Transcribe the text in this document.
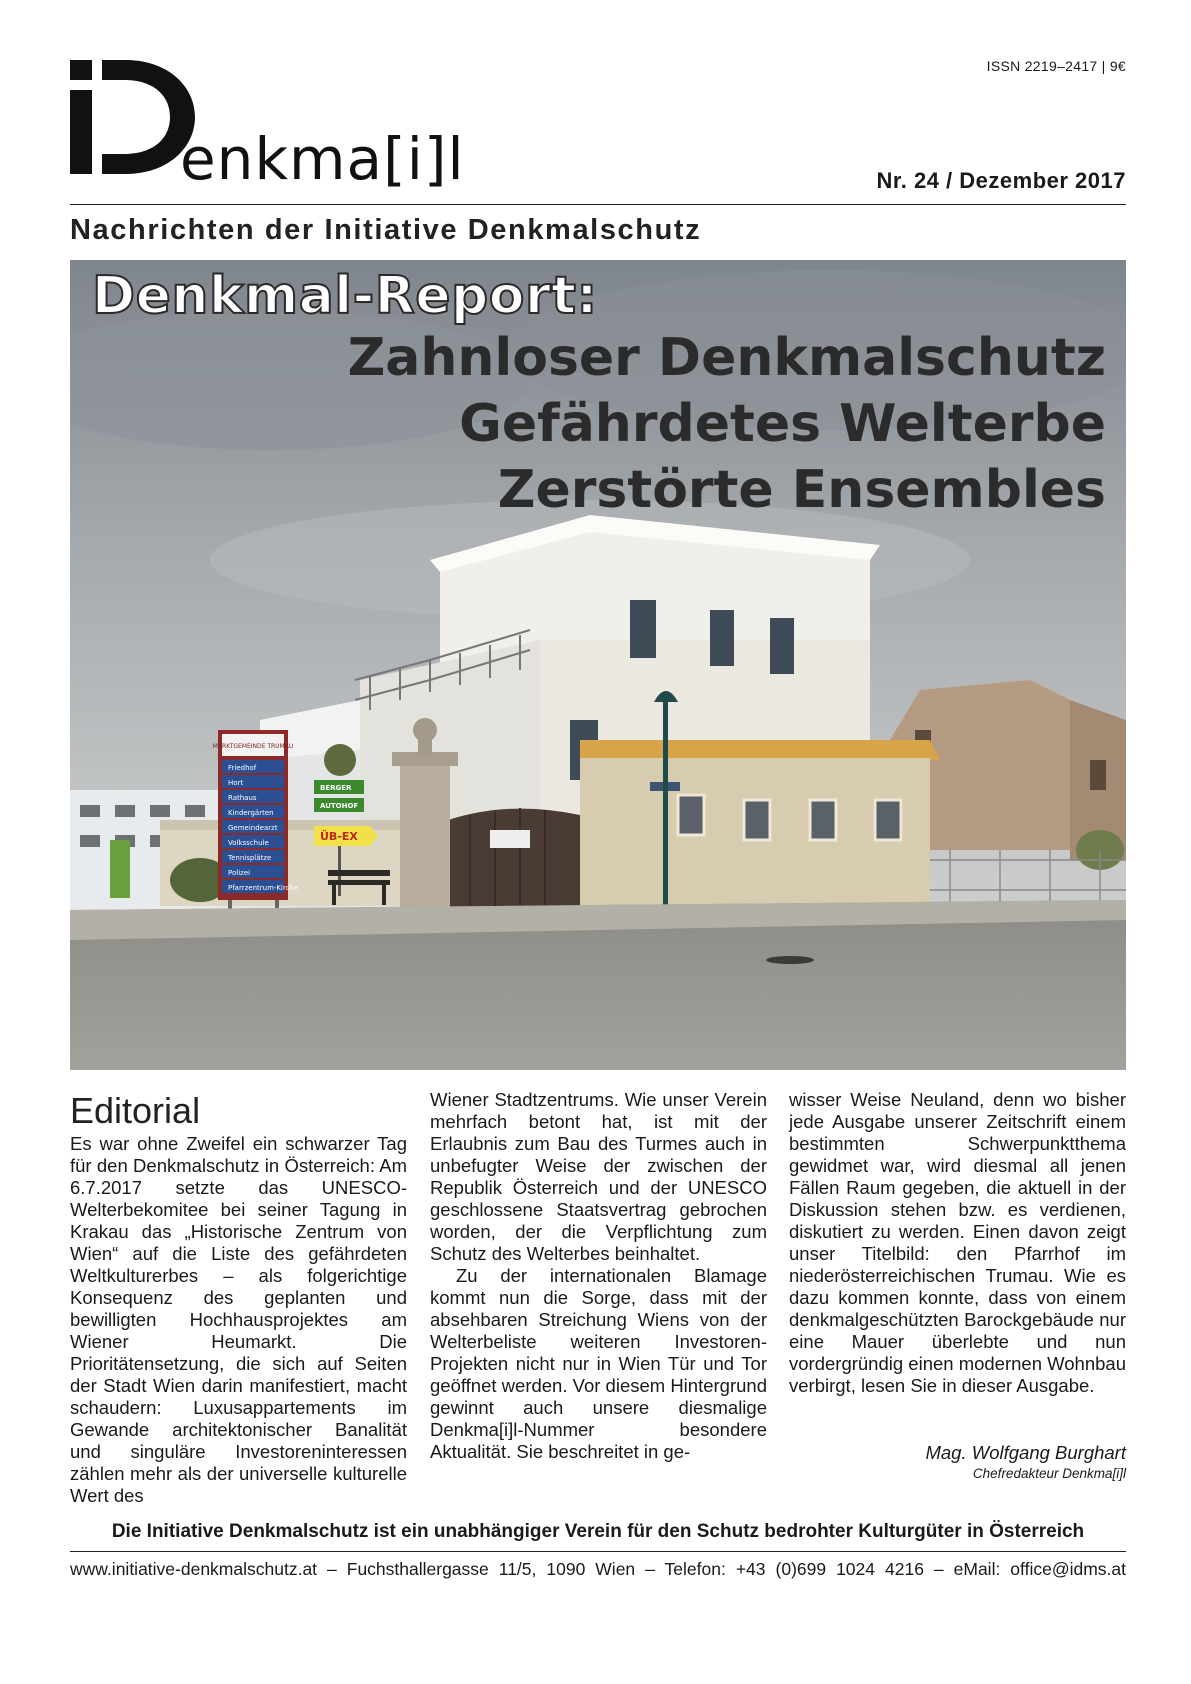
ISSN 2219–2417 | 9€
enkma[i]l	Nr. 24 / Dezember 2017
Nachrichten der Initiative Denkmalschutz
MARKTGEMEINDE TRUMAU
Friedhof
Hort
Rathaus
Kindergärten
Gemeindearzt
Volksschule
Tennisplätze
Polizei
Pfarrzentrum-Kirche
BERGER
AUTOHOF
ÜB-EX
Denkmal-Report:
Zahnloser Denkmalschutz
Gefährdetes Welterbe
Zerstörte Ensembles
Editorial

Es war ohne Zweifel ein schwarzer Tag für den Denkmalschutz in Österreich: Am 6.7.2017 setzte das UNESCO-Welterbekomitee bei seiner Tagung in Krakau das „Historische Zentrum von Wien“ auf die Liste des gefährdeten Weltkulturerbes – als folgerichtige Konsequenz des geplanten und bewilligten Hochhausprojektes am Wiener Heumarkt. Die Prioritätensetzung, die sich auf Seiten der Stadt Wien darin manifestiert, macht schaudern: Luxusappartements im Gewande architektonischer Banalität und singuläre Investoreninteressen zählen mehr als der universelle kulturelle Wert des

Wiener Stadtzentrums. Wie unser Verein mehrfach betont hat, ist mit der Erlaubnis zum Bau des Turmes auch in unbefugter Weise der zwischen der Republik Österreich und der UNESCO geschlossene Staatsvertrag gebrochen worden, der die Verpflichtung zum Schutz des Welterbes beinhaltet.

Zu der internationalen Blamage kommt nun die Sorge, dass mit der absehbaren Streichung Wiens von der Welterbeliste weiteren Investoren-Projekten nicht nur in Wien Tür und Tor geöffnet werden. Vor diesem Hintergrund gewinnt auch unsere diesmalige Denkma[i]l-Nummer besondere Aktualität. Sie beschreitet in ge-

wisser Weise Neuland, denn wo bisher jede Ausgabe unserer Zeitschrift einem bestimmten Schwerpunktthema gewidmet war, wird diesmal all jenen Fällen Raum gegeben, die aktuell in der Diskussion stehen bzw. es verdienen, diskutiert zu werden. Einen davon zeigt unser Titelbild: den Pfarrhof im niederösterreichischen Trumau. Wie es dazu kommen konnte, dass von einem denkmalgeschützten Barockgebäude nur eine Mauer überlebte und nun vordergründig einen modernen Wohnbau verbirgt, lesen Sie in dieser Ausgabe.

Mag. Wolfgang Burghart
Chefredakteur Denkma[i]l
Die Initiative Denkmalschutz ist ein unabhängiger Verein für den Schutz bedrohter Kulturgüter in Österreich
www.initiative-denkmalschutz.at – Fuchsthallergasse 11/5, 1090 Wien – Telefon: +43 (0)699 1024 4216 – eMail: office@idms.at
